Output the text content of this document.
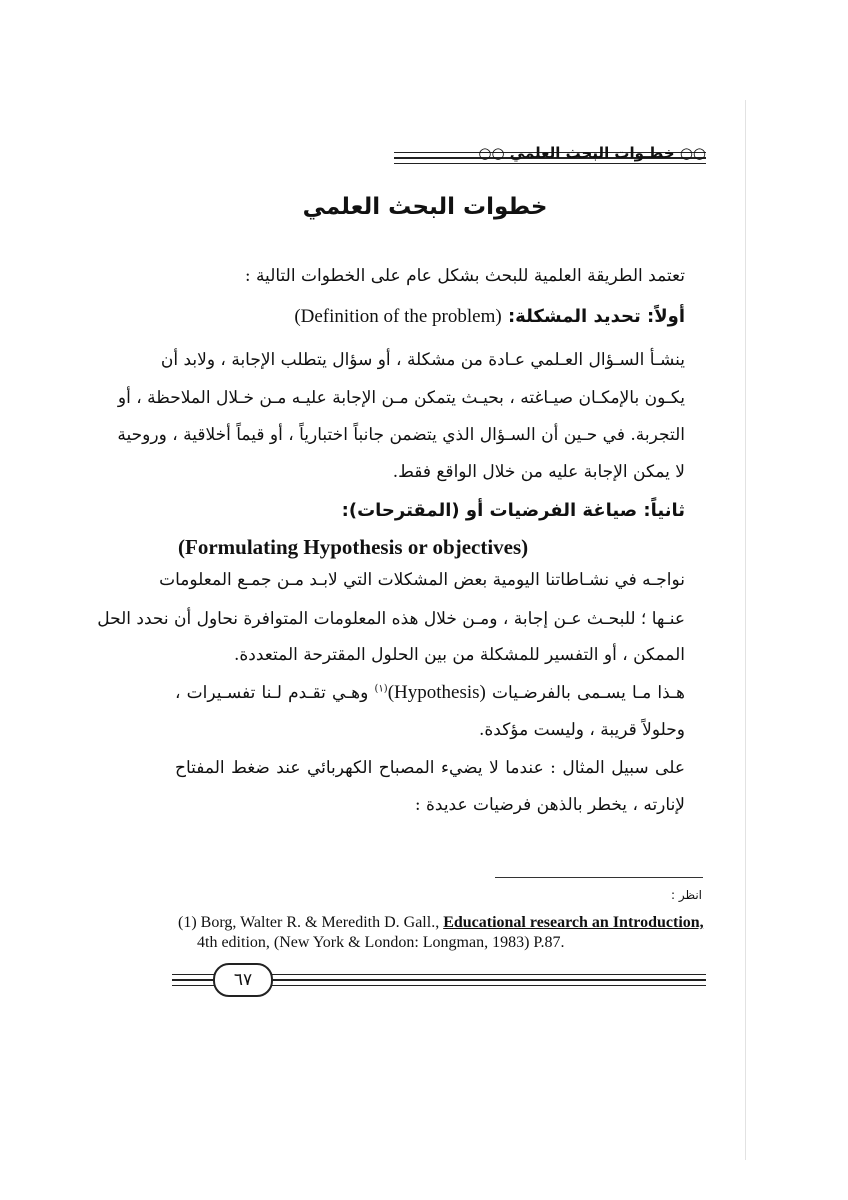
○○ خطـوات البحث العلمي ○○
خطوات البحث العلمي
تعتمد الطريقة العلمية للبحث بشكل عام على الخطوات التالية :
أولاً: تحديد المشكلة: (Definition of the problem)
ينشـأ السـؤال العـلمي عـادة من مشكلة ، أو سؤال يتطلب الإجابة ، ولابد أن
يكـون بالإمكـان صيـاغته ، بحيـث يتمكن مـن الإجابة عليـه مـن خـلال الملاحظة ، أو
التجربة. في حـين أن السـؤال الذي يتضمن جانباً اختبارياً ، أو قيماً أخلاقية ، وروحية
لا يمكن الإجابة عليه من خلال الواقع فقط.
ثانياً: صياغة الفرضيات أو (المقترحات):
(Formulating Hypothesis or objectives)
نواجـه في نشـاطاتنا اليومية بعض المشكلات التي لابـد مـن جمـع المعلومات
عنـها ؛ للبحـث عـن إجابة ، ومـن خلال هذه المعلومات المتوافرة نحاول أن نحدد الحل
الممكن ، أو التفسير للمشكلة من بين الحلول المقترحة المتعددة.
هـذا مـا يسـمى بالفرضـيات (Hypothesis)$^{(١)}$ وهـي تقـدم لـنا تفسـيرات ،
وحلولاً قريبة ، وليست مؤكدة.
على سبيل المثال : عندما لا يضيء المصباح الكهربائي عند ضغط المفتاح
لإنارته ، يخطر بالذهن فرضيات عديدة :
انظر :
(1) Borg, Walter R. & Meredith D. Gall., Educational research an Introduction,
4th edition, (New York & London: Longman, 1983) P.87.
٦٧
